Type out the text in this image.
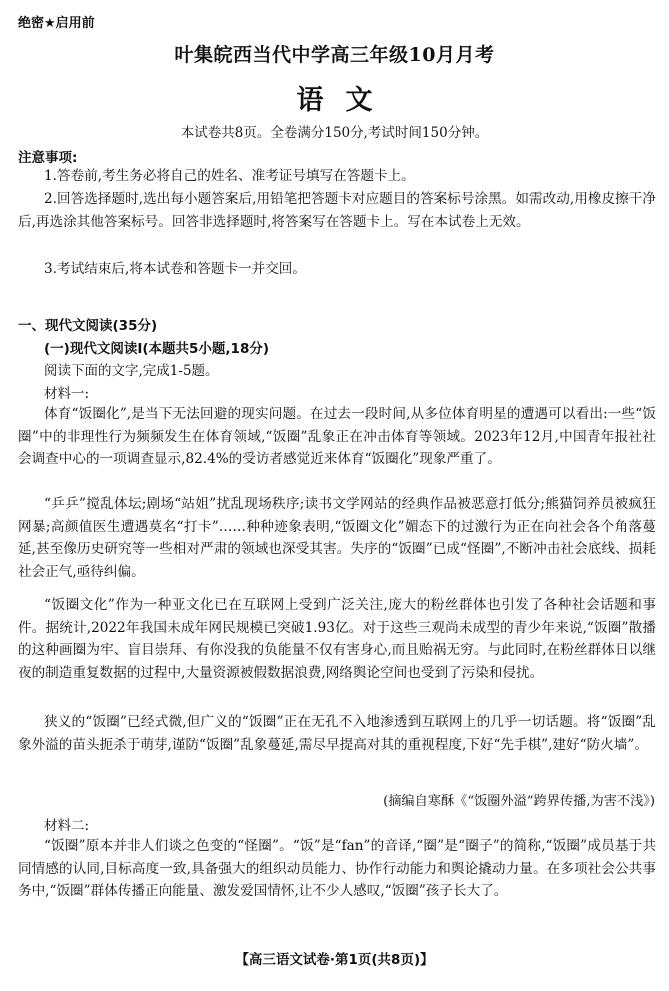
绝密★启用前
叶集皖西当代中学高三年级10月月考
语文
本试卷共8页。全卷满分150分,考试时间150分钟。
注意事项:

1.答卷前,考生务必将自己的姓名、准考证号填写在答题卡上。

2.回答选择题时,选出每小题答案后,用铅笔把答题卡对应题目的答案标号涂黑。如需改动,用橡皮擦干净后,再选涂其他答案标号。回答非选择题时,将答案写在答题卡上。写在本试卷上无效。

3.考试结束后,将本试卷和答题卡一并交回。

一、现代文阅读(35分)
(一)现代文阅读Ⅰ(本题共5小题,18分)
阅读下面的文字,完成1-5题。
材料一:

体育“饭圈化”,是当下无法回避的现实问题。在过去一段时间,从多位体育明星的遭遇可以看出:一些“饭圈”中的非理性行为频频发生在体育领域,“饭圈”乱象正在冲击体育等领域。2023年12月,中国青年报社社会调查中心的一项调查显示,82.4%的受访者感觉近来体育“饭圈化”现象严重了。

“乒乒”搅乱体坛;剧场“站姐”扰乱现场秩序;读书文学网站的经典作品被恶意打低分;熊猫饲养员被疯狂网暴;高颜值医生遭遇莫名“打卡”……种种迹象表明,“饭圈文化”媚态下的过激行为正在向社会各个角落蔓延,甚至像历史研究等一些相对严肃的领域也深受其害。失序的“饭圈”已成“怪圈”,不断冲击社会底线、损耗社会正气,亟待纠偏。

“饭圈文化”作为一种亚文化已在互联网上受到广泛关注,庞大的粉丝群体也引发了各种社会话题和事件。据统计,2022年我国未成年网民规模已突破1.93亿。对于这些三观尚未成型的青少年来说,“饭圈”散播的这种画圈为牢、盲目崇拜、有你没我的负能量不仅有害身心,而且贻祸无穷。与此同时,在粉丝群体日以继夜的制造重复数据的过程中,大量资源被假数据浪费,网络舆论空间也受到了污染和侵扰。

狭义的“饭圈”已经式微,但广义的“饭圈”正在无孔不入地渗透到互联网上的几乎一切话题。将“饭圈”乱象外溢的苗头扼杀于萌芽,谨防“饭圈”乱象蔓延,需尽早提高对其的重视程度,下好“先手棋”,建好“防火墙”。

(摘编自寒酥《“饭圈外溢”跨界传播,为害不浅》)
材料二:

“饭圈”原本并非人们谈之色变的“怪圈”。“饭”是“fan”的音译,“圈”是“圈子”的简称,“饭圈”成员基于共同情感的认同,目标高度一致,具备强大的组织动员能力、协作行动能力和舆论撬动力量。在多项社会公共事务中,“饭圈”群体传播正向能量、激发爱国情怀,让不少人感叹,“饭圈”孩子长大了。

【高三语文试卷·第1页(共8页)】
